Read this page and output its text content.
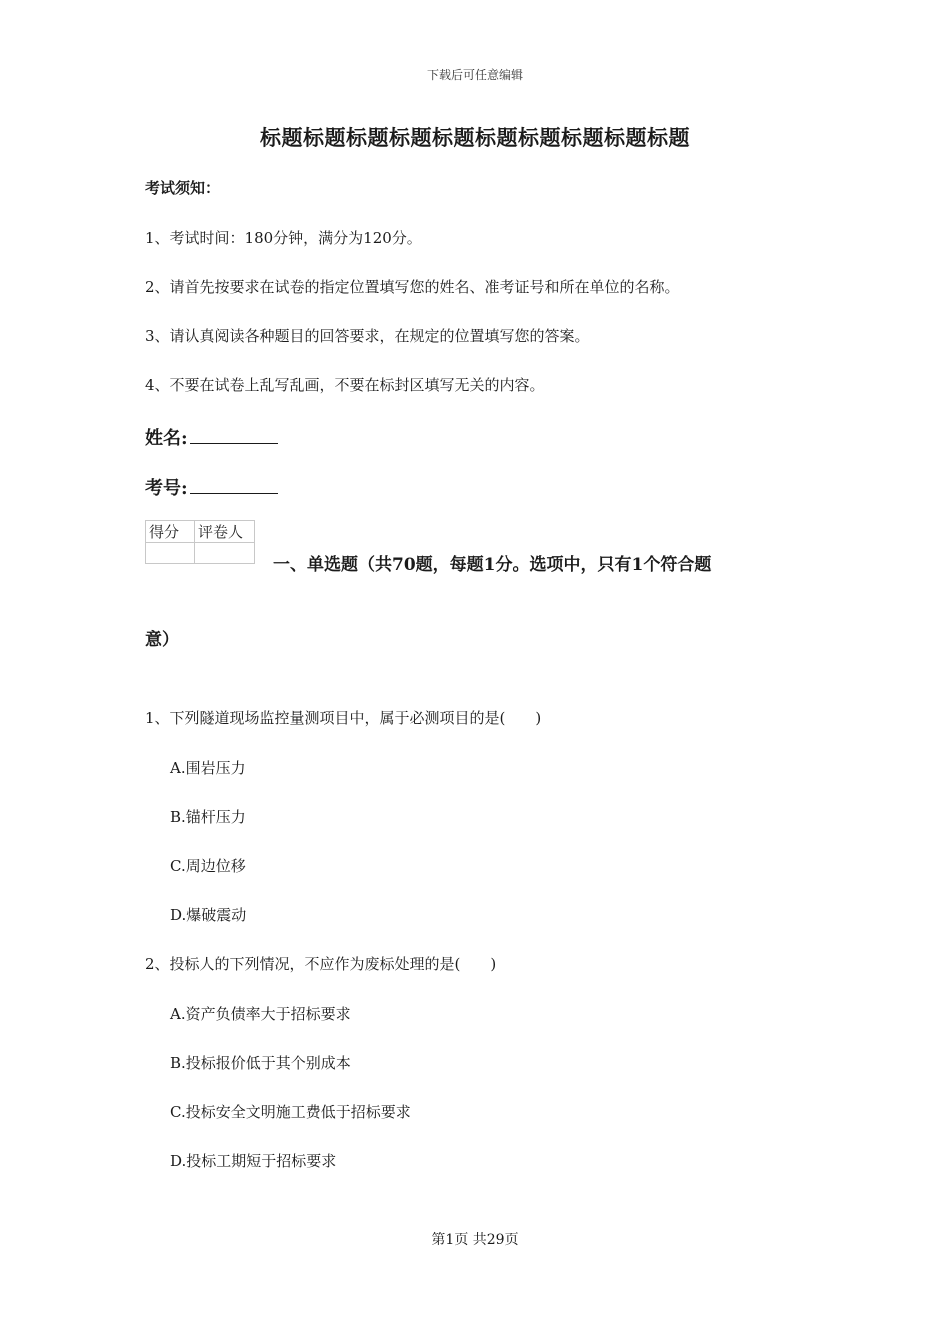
下载后可任意编辑
标题标题标题标题标题标题标题标题标题标题
考试须知：
1、考试时间：180分钟，满分为120分。
2、请首先按要求在试卷的指定位置填写您的姓名、准考证号和所在单位的名称。
3、请认真阅读各种题目的回答要求，在规定的位置填写您的答案。
4、不要在试卷上乱写乱画，不要在标封区填写无关的内容。
姓名:
考号:
得分	评卷人

一、单选题（共70题，每题1分。选项中，只有1个符合题
意）
1、下列隧道现场监控量测项目中，属于必测项目的是(　　)
A.围岩压力
B.锚杆压力
C.周边位移
D.爆破震动
2、投标人的下列情况，不应作为废标处理的是(　　)
A.资产负债率大于招标要求
B.投标报价低于其个别成本
C.投标安全文明施工费低于招标要求
D.投标工期短于招标要求
第1页 共29页
